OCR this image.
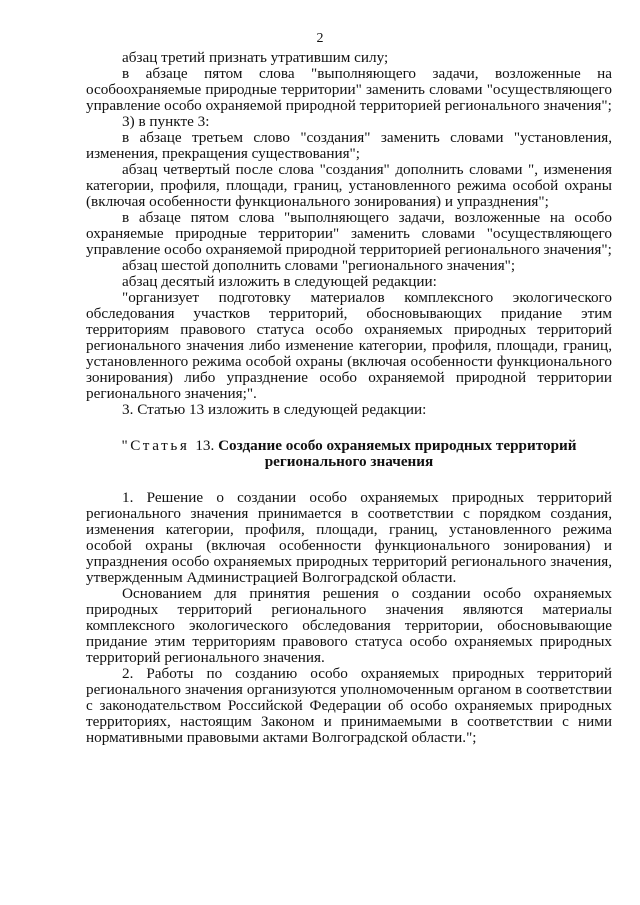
2

абзац третий признать утратившим силу;

в абзаце пятом слова "выполняющего задачи, возложенные на особоохраняемые природные территории" заменить словами "осуществляющего управление особо охраняемой природной территорией регионального значения";

3) в пункте 3:

в абзаце третьем слово "создания" заменить словами "установления, изменения, прекращения существования";

абзац четвертый после слова "создания" дополнить словами ", изменения категории, профиля, площади, границ, установленного режима особой охраны (включая особенности функционального зонирования) и упразднения";

в абзаце пятом слова "выполняющего задачи, возложенные на особо охраняемые природные территории" заменить словами "осуществляющего управление особо охраняемой природной территорией регионального значения";

абзац шестой дополнить словами "регионального значения";

абзац десятый изложить в следующей редакции:

"организует подготовку материалов комплексного экологического обследования участков территорий, обосновывающих придание этим территориям правового статуса особо охраняемых природных территорий регионального значения либо изменение категории, профиля, площади, границ, установленного режима особой охраны (включая особенности функционального зонирования) либо упразднение особо охраняемой природной территории регионального значения;".

3. Статью 13 изложить в следующей редакции:

"Статья 13. Создание особо охраняемых природных территорий регионального значения

1. Решение о создании особо охраняемых природных территорий регионального значения принимается в соответствии с порядком создания, изменения категории, профиля, площади, границ, установленного режима особой охраны (включая особенности функционального зонирования) и упразднения особо охраняемых природных территорий регионального значения, утвержденным Администрацией Волгоградской области.

Основанием для принятия решения о создании особо охраняемых природных территорий регионального значения являются материалы комплексного экологического обследования территории, обосновывающие придание этим территориям правового статуса особо охраняемых природных территорий регионального значения.

2. Работы по созданию особо охраняемых природных территорий регионального значения организуются уполномоченным органом в соответствии с законодательством Российской Федерации об особо охраняемых природных территориях, настоящим Законом и принимаемыми в соответствии с ними нормативными правовыми актами Волгоградской области.";
